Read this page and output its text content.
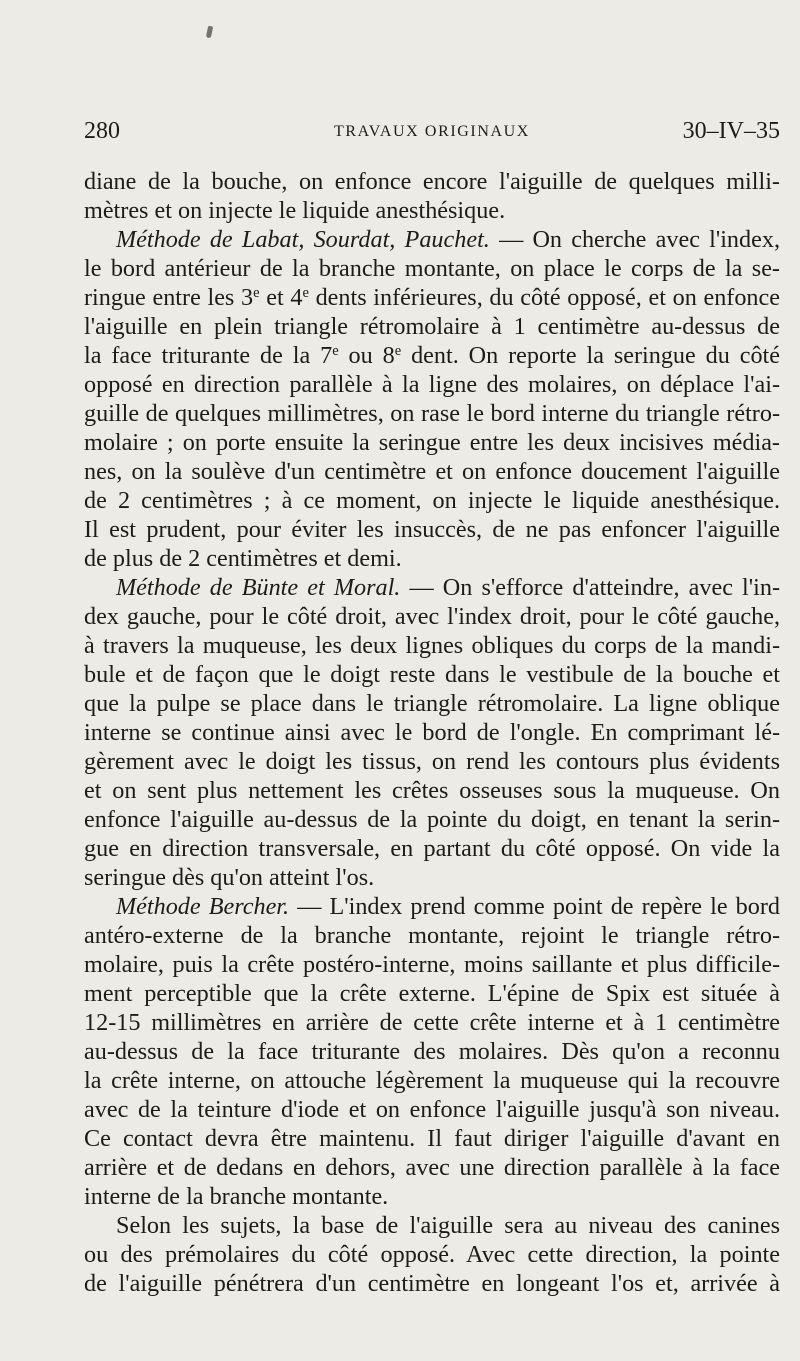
280	TRAVAUX ORIGINAUX	30–IV–35
diane de la bouche, on enfonce encore l'aiguille de quelques milli-
mètres et on injecte le liquide anesthésique.
Méthode de Labat, Sourdat, Pauchet. — On cherche avec l'index,
le bord antérieur de la branche montante, on place le corps de la se-
ringue entre les 3e et 4e dents inférieures, du côté opposé, et on enfonce
l'aiguille en plein triangle rétromolaire à 1 centimètre au-dessus de
la face triturante de la 7e ou 8e dent. On reporte la seringue du côté
opposé en direction parallèle à la ligne des molaires, on déplace l'ai-
guille de quelques millimètres, on rase le bord interne du triangle rétro-
molaire ; on porte ensuite la seringue entre les deux incisives média-
nes, on la soulève d'un centimètre et on enfonce doucement l'aiguille
de 2 centimètres ; à ce moment, on injecte le liquide anesthésique.
Il est prudent, pour éviter les insuccès, de ne pas enfoncer l'aiguille
de plus de 2 centimètres et demi.
Méthode de Bünte et Moral. — On s'efforce d'atteindre, avec l'in-
dex gauche, pour le côté droit, avec l'index droit, pour le côté gauche,
à travers la muqueuse, les deux lignes obliques du corps de la mandi-
bule et de façon que le doigt reste dans le vestibule de la bouche et
que la pulpe se place dans le triangle rétromolaire. La ligne oblique
interne se continue ainsi avec le bord de l'ongle. En comprimant lé-
gèrement avec le doigt les tissus, on rend les contours plus évidents
et on sent plus nettement les crêtes osseuses sous la muqueuse. On
enfonce l'aiguille au-dessus de la pointe du doigt, en tenant la serin-
gue en direction transversale, en partant du côté opposé. On vide la
seringue dès qu'on atteint l'os.
Méthode Bercher. — L'index prend comme point de repère le bord
antéro-externe de la branche montante, rejoint le triangle rétro-
molaire, puis la crête postéro-interne, moins saillante et plus difficile-
ment perceptible que la crête externe. L'épine de Spix est située à
12-15 millimètres en arrière de cette crête interne et à 1 centimètre
au-dessus de la face triturante des molaires. Dès qu'on a reconnu
la crête interne, on attouche légèrement la muqueuse qui la recouvre
avec de la teinture d'iode et on enfonce l'aiguille jusqu'à son niveau.
Ce contact devra être maintenu. Il faut diriger l'aiguille d'avant en
arrière et de dedans en dehors, avec une direction parallèle à la face
interne de la branche montante.
Selon les sujets, la base de l'aiguille sera au niveau des canines
ou des prémolaires du côté opposé. Avec cette direction, la pointe
de l'aiguille pénétrera d'un centimètre en longeant l'os et, arrivée à
